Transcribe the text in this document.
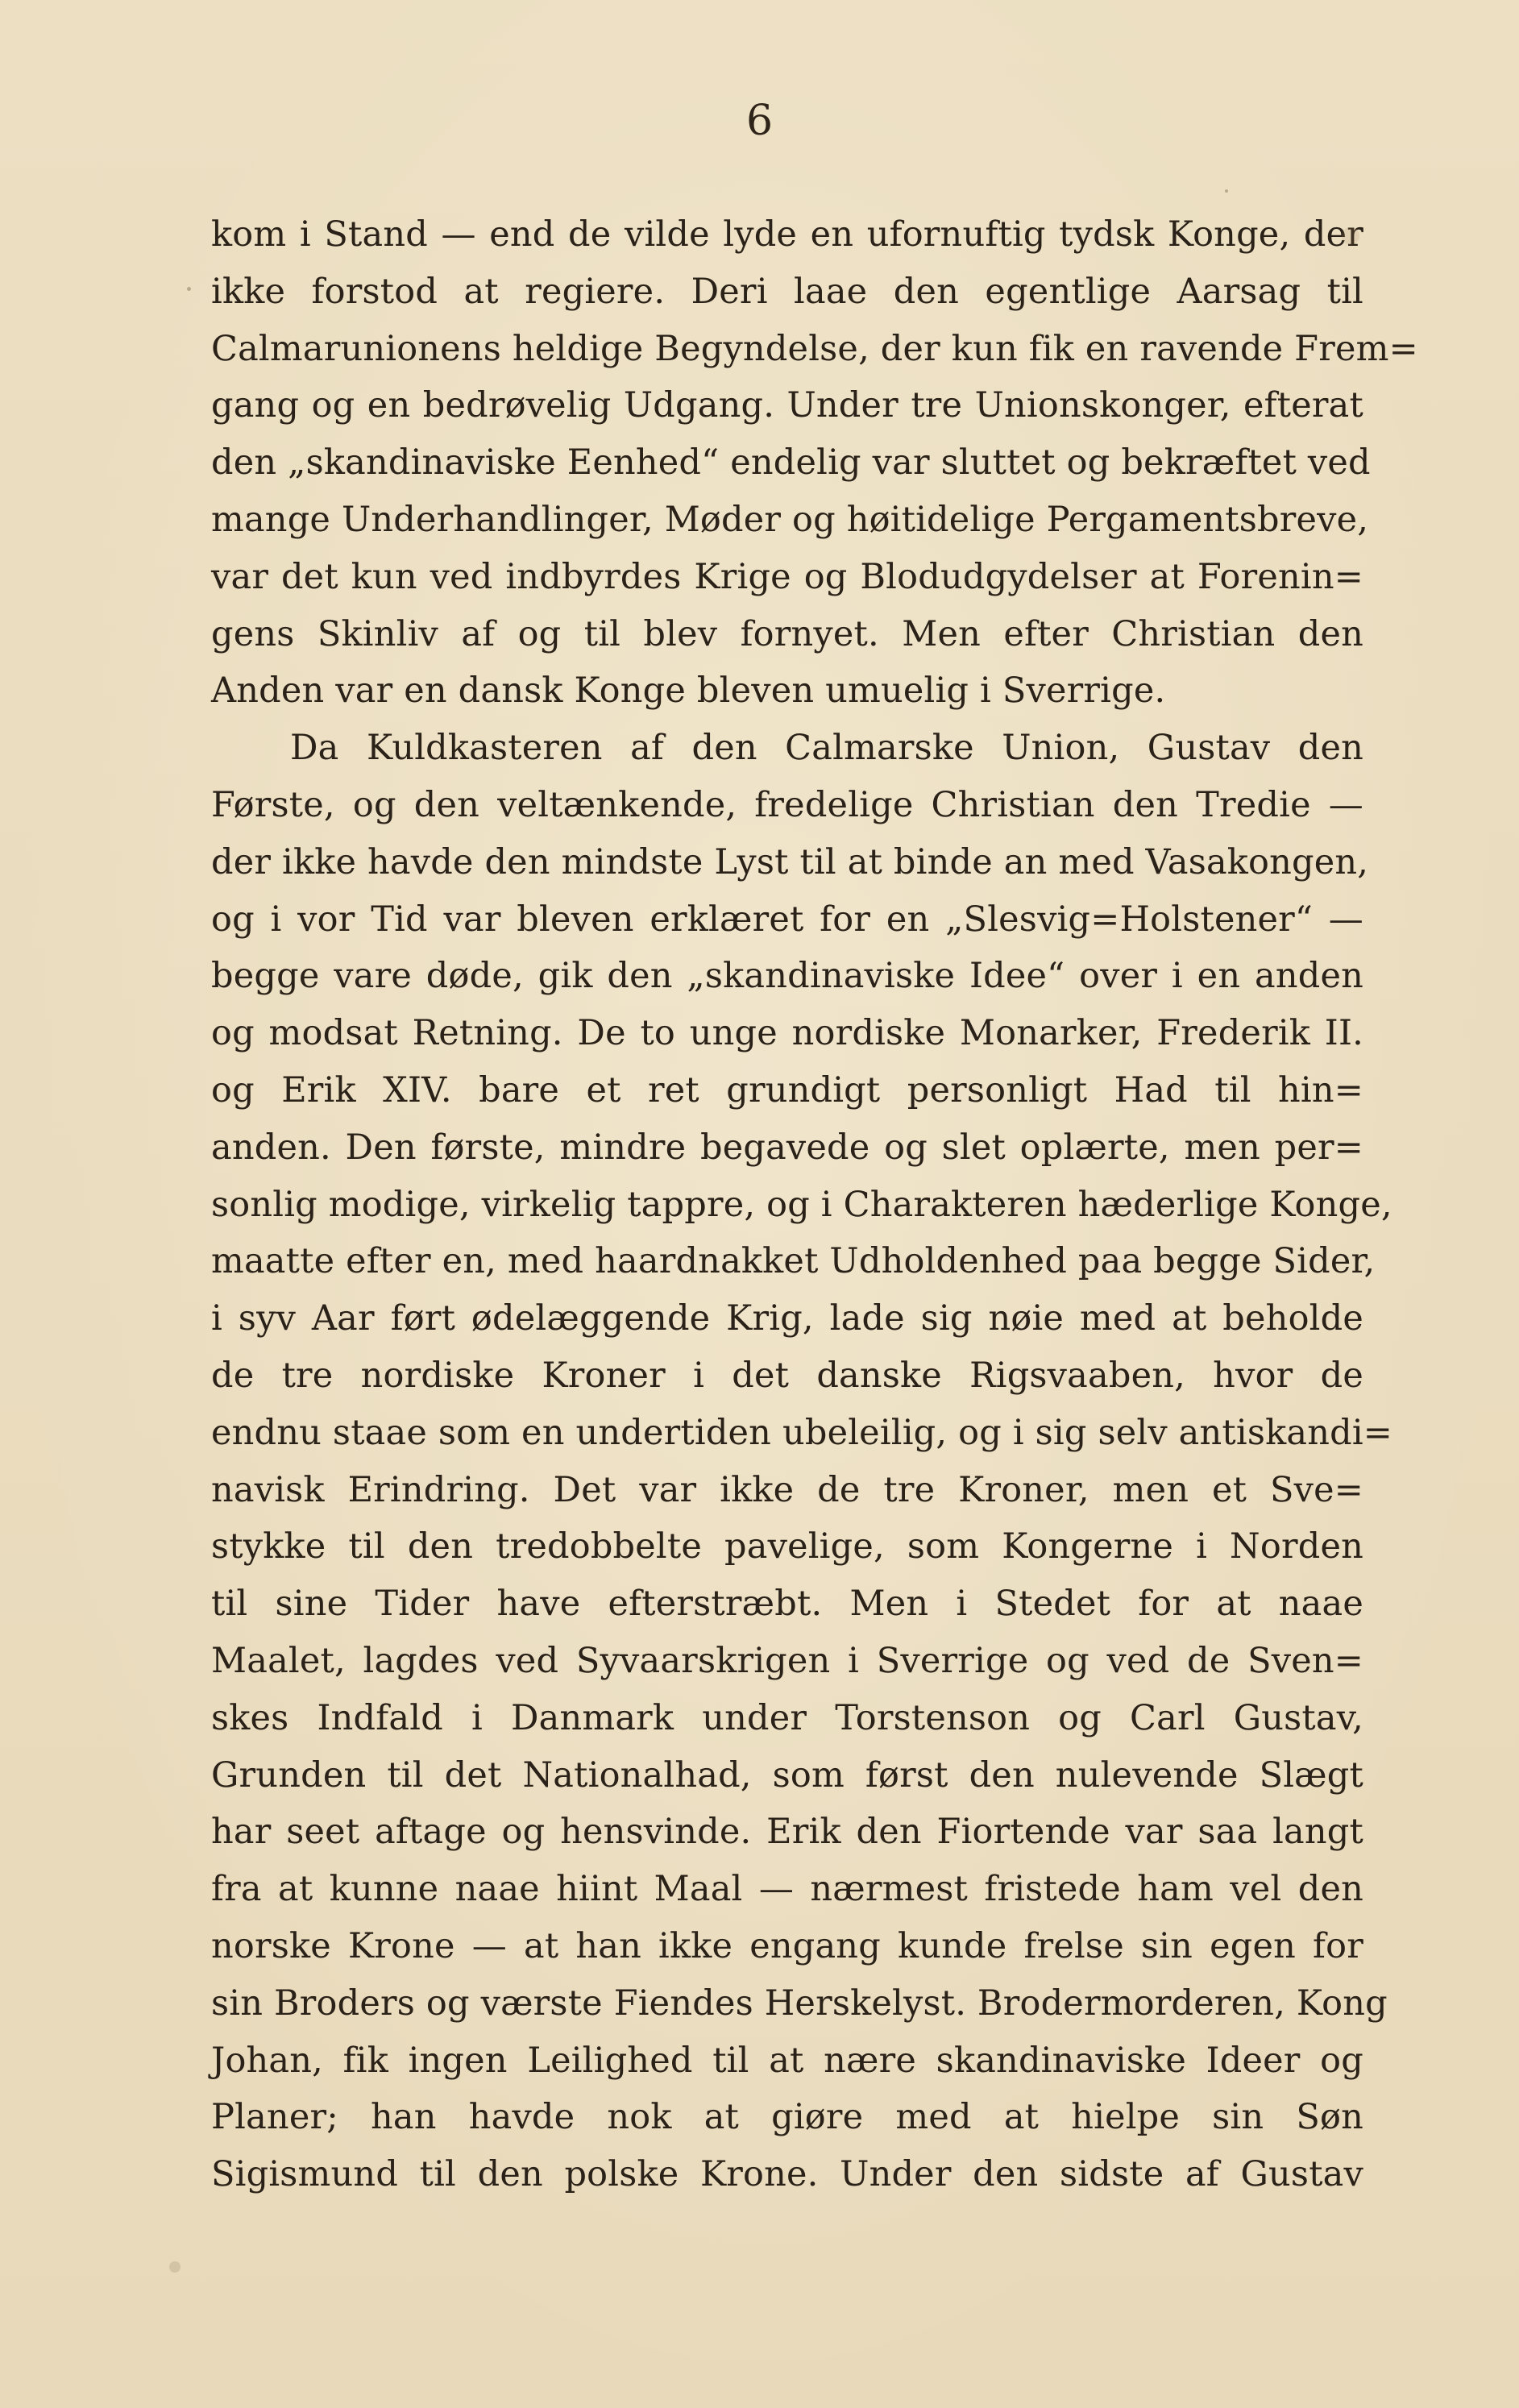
6
kom i Stand — end de vilde lyde en ufornuftig tydsk Konge, der
ikke forstod at regiere. Deri laae den egentlige Aarsag til
Calmarunionens heldige Begyndelse, der kun fik en ravende Frem=
gang og en bedrøvelig Udgang. Under tre Unionskonger, efterat
den „skandinaviske Eenhed“ endelig var sluttet og bekræftet ved
mange Underhandlinger, Møder og høitidelige Pergamentsbreve,
var det kun ved indbyrdes Krige og Blodudgydelser at Forenin=
gens Skinliv af og til blev fornyet. Men efter Christian den
Anden var en dansk Konge bleven umuelig i Sverrige.
Da Kuldkasteren af den Calmarske Union, Gustav den
Første, og den veltænkende, fredelige Christian den Tredie —
der ikke havde den mindste Lyst til at binde an med Vasakongen,
og i vor Tid var bleven erklæret for en „Slesvig=Holstener“ —
begge vare døde, gik den „skandinaviske Idee“ over i en anden
og modsat Retning. De to unge nordiske Monarker, Frederik II.
og Erik XIV. bare et ret grundigt personligt Had til hin=
anden. Den første, mindre begavede og slet oplærte, men per=
sonlig modige, virkelig tappre, og i Charakteren hæderlige Konge,
maatte efter en, med haardnakket Udholdenhed paa begge Sider,
i syv Aar ført ødelæggende Krig, lade sig nøie med at beholde
de tre nordiske Kroner i det danske Rigsvaaben, hvor de
endnu staae som en undertiden ubeleilig, og i sig selv antiskandi=
navisk Erindring. Det var ikke de tre Kroner, men et Sve=
stykke til den tredobbelte pavelige, som Kongerne i Norden
til sine Tider have efterstræbt. Men i Stedet for at naae
Maalet, lagdes ved Syvaarskrigen i Sverrige og ved de Sven=
skes Indfald i Danmark under Torstenson og Carl Gustav,
Grunden til det Nationalhad, som først den nulevende Slægt
har seet aftage og hensvinde. Erik den Fiortende var saa langt
fra at kunne naae hiint Maal — nærmest fristede ham vel den
norske Krone — at han ikke engang kunde frelse sin egen for
sin Broders og værste Fiendes Herskelyst. Brodermorderen, Kong
Johan, fik ingen Leilighed til at nære skandinaviske Ideer og
Planer; han havde nok at giøre med at hielpe sin Søn
Sigismund til den polske Krone. Under den sidste af Gustav
